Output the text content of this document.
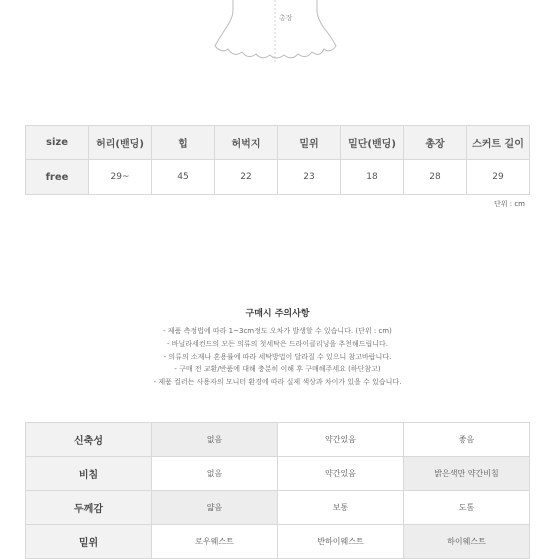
총장
size	허리(밴딩)	힙	허벅지	밑위	밑단(밴딩)	총장	스커트 길이
free	29~	45	22	23	18	28	29
단위 : cm
구매시 주의사항
- 제품 측정법에 따라 1~3cm정도 오차가 발생할 수 있습니다. (단위 : cm)
- 바닐라세컨드의 모든 의류의 첫세탁은 드라이클리닝을 추천해드립니다.
- 의류의 소재나 혼용률에 따라 세탁방법이 달라질 수 있으니 참고바랍니다.
- 구매 전 교환/반품에 대해 충분히 이해 후 구매해주세요 (하단참고)
- 제품 컬러는 사용자의 모니터 환경에 따라 실제 색상과 차이가 있을 수 있습니다.
신축성	없음	약간있음	좋음
비침	없음	약간있음	밝은색만 약간비침
두께감	얇음	보통	도톰
밑위	로우웨스트	반하이웨스트	하이웨스트
